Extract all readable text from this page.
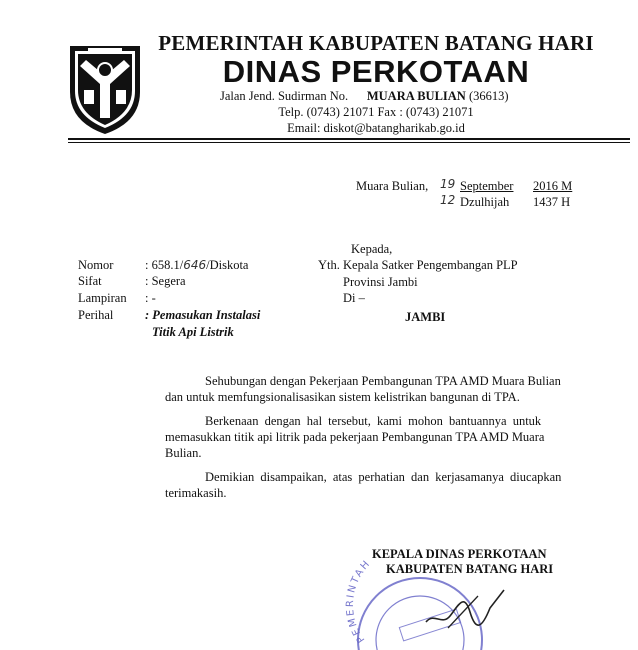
PEMERINTAH KABUPATEN BATANG HARI
DINAS PERKOTAAN
Jalan Jend. Sudirman No. MUARA BULIAN (36613)
Telp. (0743) 21071 Fax : (0743) 21071
Email: diskot@batangharikab.go.id
Muara Bulian, 19 September 2016 M
12 Dzulhijah 1437 H
Nomor	: 658.1/646/Diskota
Sifat	: Segera
Lampiran : -
Perihal	: Pemasukan Instalasi
Titik Api Listrik
Kepada,
Yth. Kepala Satker Pengembangan PLP
Provinsi Jambi
Di –
JAMBI
Sehubungan dengan Pekerjaan Pembangunan TPA AMD Muara Bulian
dan untuk memfungsionalisasikan sistem kelistrikan bangunan di TPA.
Berkenaan dengan hal tersebut, kami mohon bantuannya untuk
memasukkan titik api litrik pada pekerjaan Pembangunan TPA AMD Muara
Bulian.
Demikian disampaikan, atas perhatian dan kerjasamanya diucapkan
terimakasih.
PEMERINTAH
KEPALA DINAS PERKOTAAN
KABUPATEN BATANG HARI
